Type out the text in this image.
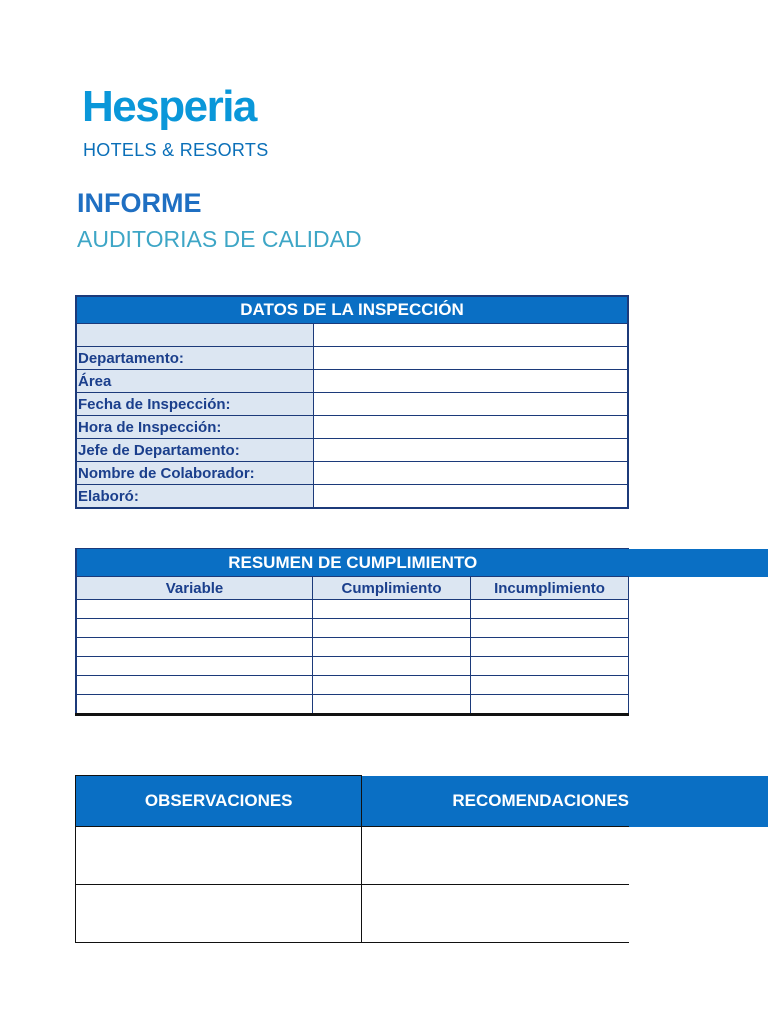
Hesperia
HOTELS & RESORTS
INFORME
AUDITORIAS DE CALIDAD
DATOS DE LA INSPECCIÓN	

Departamento:	
Área	
Fecha de Inspección:	
Hora de Inspección:	
Jefe de Departamento:	
Nombre de Colaborador:	
Elaboró:	
RESUMEN DE CUMPLIMIENTO		
Variable	Cumplimiento	Incumplimiento

OBSERVACIONES	RECOMENDACIONES
